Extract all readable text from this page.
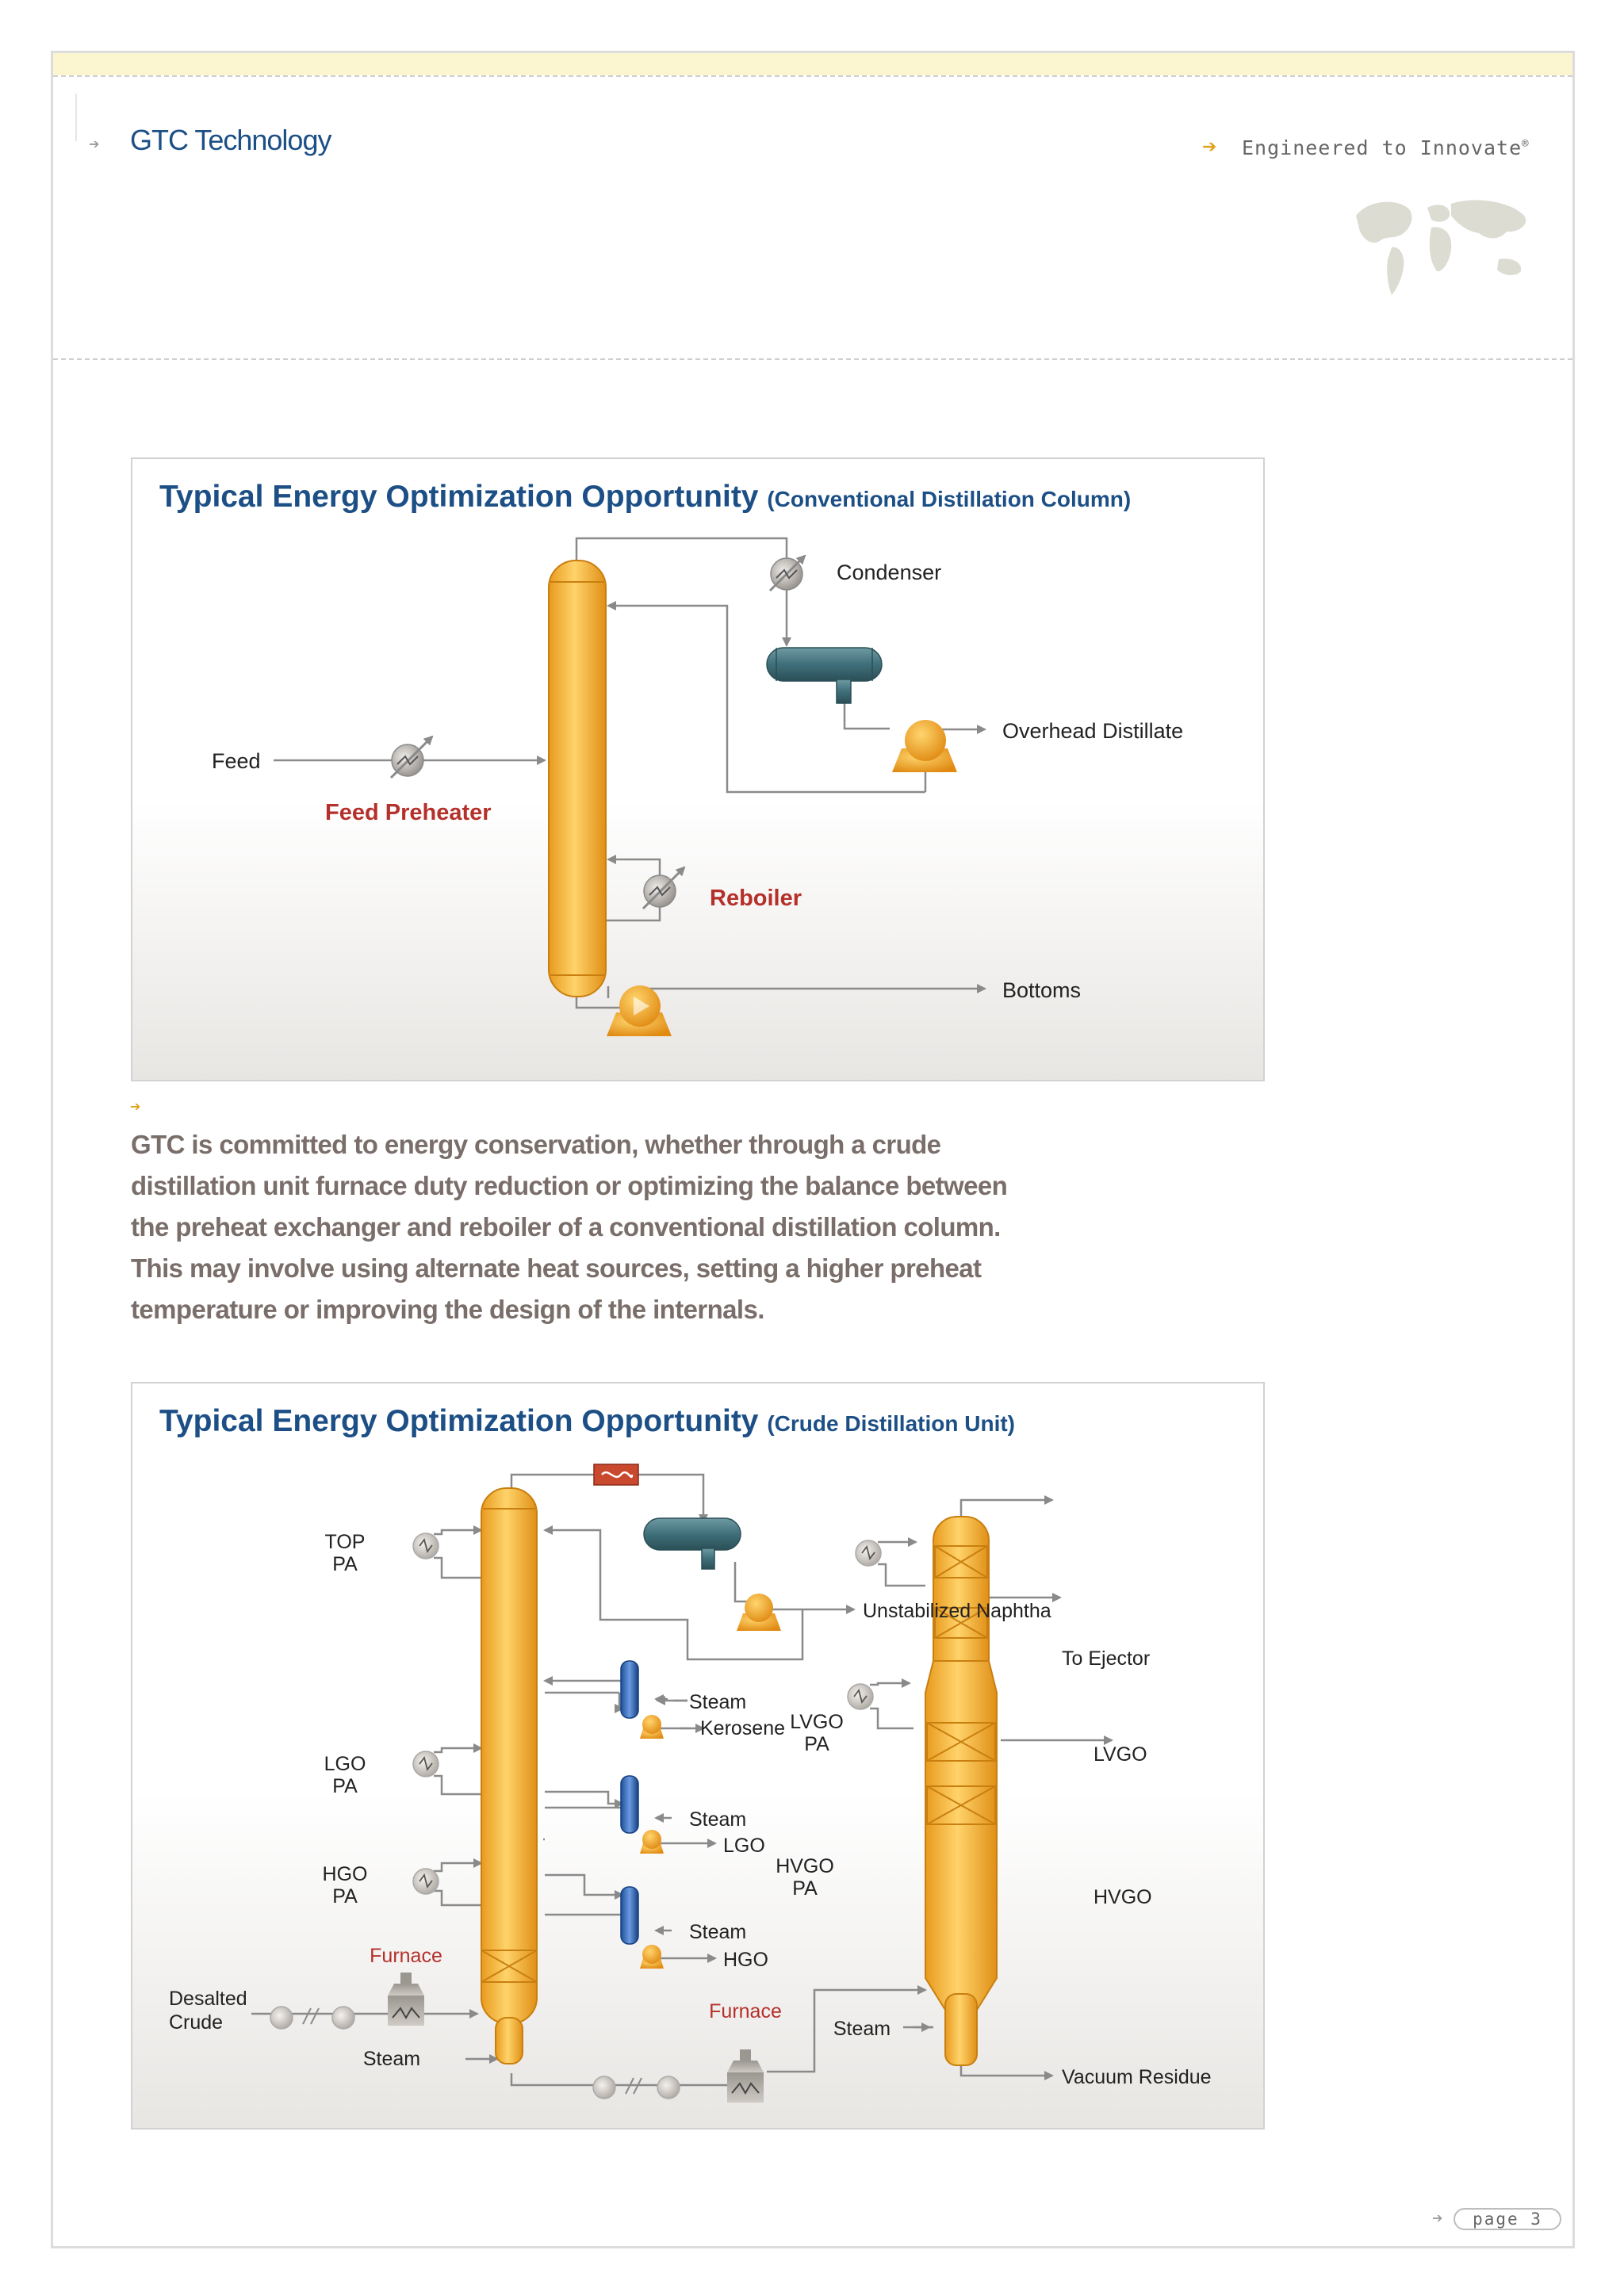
➔ GTC Technology	➔ Engineered to Innovate®
Typical Energy Optimization Opportunity (Conventional Distillation Column)
Condenser
Overhead Distillate
Feed
Feed Preheater
Reboiler
Bottoms
➔
GTC is committed to energy conservation, whether through a crude distillation unit furnace duty reduction or optimizing the balance between the preheat exchanger and reboiler of a conventional distillation column. This may involve using alternate heat sources, setting a higher preheat temperature or improving the design of the internals.
Typical Energy Optimization Opportunity (Crude Distillation Unit)
TOP
PA
LGO
PA
HGO
PA
Desalted
Crude
Steam
Steam
Kerosene
Steam
LGO
Steam
HGO
Unstabilized Naphtha
To Ejector
LVGO
PA	LVGO
HVGO
PA	HVGO
Steam
Vacuum Residue
Furnace
Furnace
➔	page 3
